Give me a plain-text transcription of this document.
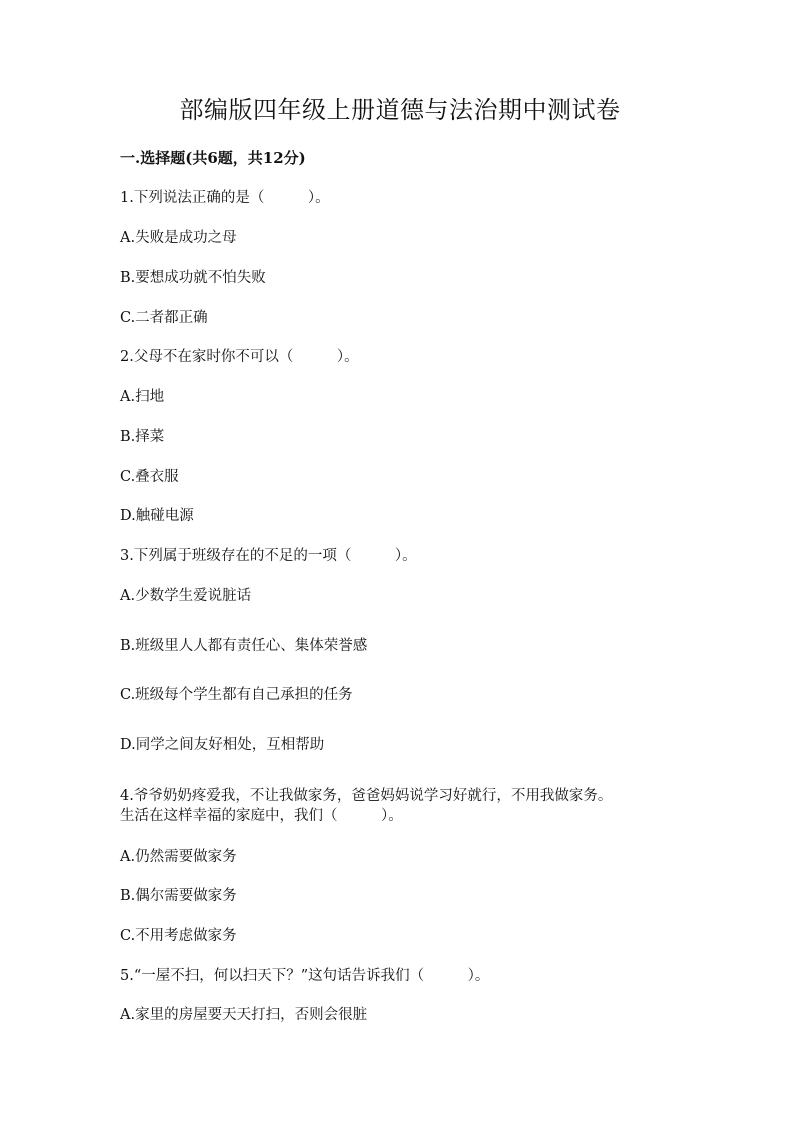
部编版四年级上册道德与法治期中测试卷
一.选择题(共6题，共12分)
1.下列说法正确的是（　　　）。
A.失败是成功之母
B.要想成功就不怕失败
C.二者都正确
2.父母不在家时你不可以（　　　）。
A.扫地
B.择菜
C.叠衣服
D.触碰电源
3.下列属于班级存在的不足的一项（　　　）。
A.少数学生爱说脏话
B.班级里人人都有责任心、集体荣誉感
C.班级每个学生都有自己承担的任务
D.同学之间友好相处，互相帮助
4.爷爷奶奶疼爱我，不让我做家务，爸爸妈妈说学习好就行，不用我做家务。
生活在这样幸福的家庭中，我们（　　　）。
A.仍然需要做家务
B.偶尔需要做家务
C.不用考虑做家务
5.“一屋不扫，何以扫天下？”这句话告诉我们（　　　）。
A.家里的房屋要天天打扫，否则会很脏
